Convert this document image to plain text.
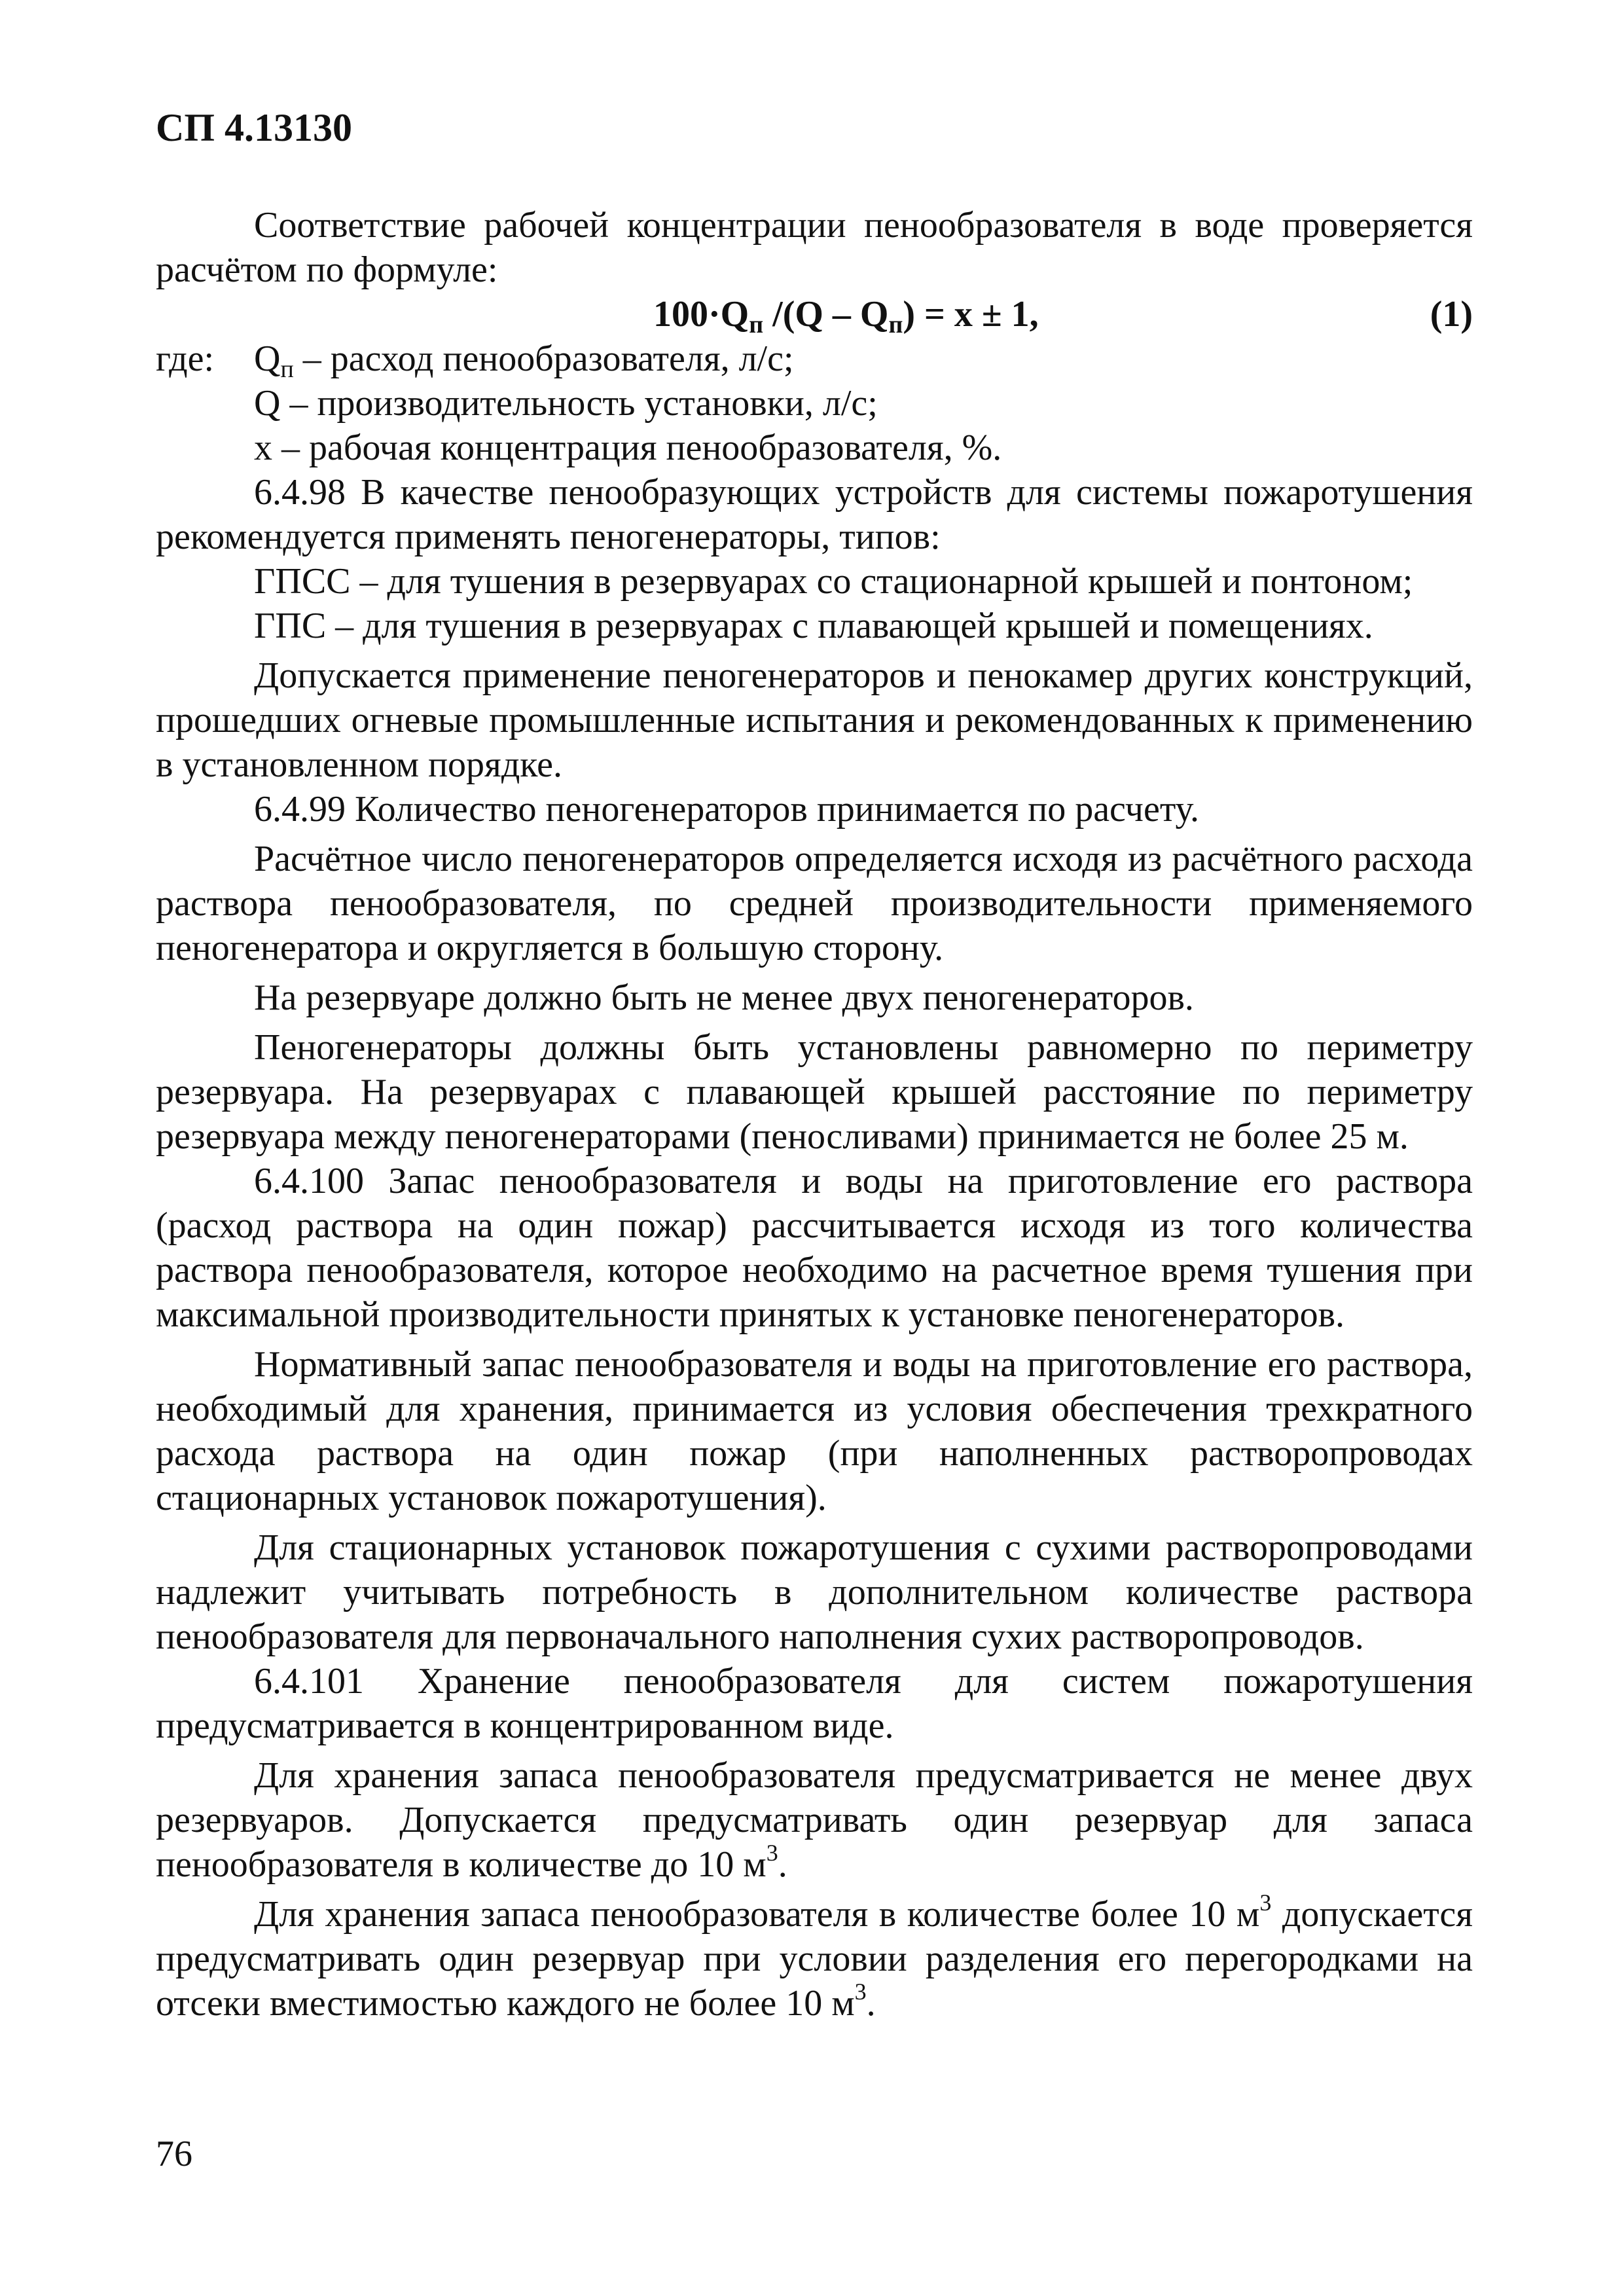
СП 4.13130

Соответствие рабочей концентрации пенообразователя в воде проверяется расчётом по формуле:

$100\cdot Q_п$ $/(Q - Q_п) = x \pm 1$,	(1)
где:	$Q_п$ – расход пенообразователя, л/с;
Q – производительность установки, л/с;
x – рабочая концентрация пенообразователя, %.

6.4.98 В качестве пенообразующих устройств для системы пожаротушения рекомендуется применять пеногенераторы, типов:

ГПСС – для тушения в резервуарах со стационарной крышей и понтоном;

ГПС – для тушения в резервуарах с плавающей крышей и помещениях.

Допускается применение пеногенераторов и пенокамер других конструкций, прошедших огневые промышленные испытания и рекомендованных к применению в установленном порядке.

6.4.99 Количество пеногенераторов принимается по расчету.

Расчётное число пеногенераторов определяется исходя из расчётного расхода раствора пенообразователя, по средней производительности применяемого пеногенератора и округляется в большую сторону.

На резервуаре должно быть не менее двух пеногенераторов.

Пеногенераторы должны быть установлены равномерно по периметру резервуара. На резервуарах с плавающей крышей расстояние по периметру резервуара между пеногенераторами (пеносливами) принимается не более 25 м.

6.4.100 Запас пенообразователя и воды на приготовление его раствора (расход раствора на один пожар) рассчитывается исходя из того количества раствора пенообразователя, которое необходимо на расчетное время тушения при максимальной производительности принятых к установке пеногенераторов.

Нормативный запас пенообразователя и воды на приготовление его раствора, необходимый для хранения, принимается из условия обеспечения трехкратного расхода раствора на один пожар (при наполненных растворопроводах стационарных установок пожаротушения).

Для стационарных установок пожаротушения с сухими растворопроводами надлежит учитывать потребность в дополнительном количестве раствора пенообразователя для первоначального наполнения сухих растворопроводов.

6.4.101 Хранение пенообразователя для систем пожаротушения предусматривается в концентрированном виде.

Для хранения запаса пенообразователя предусматривается не менее двух резервуаров. Допускается предусматривать один резервуар для запаса пенообразователя в количестве до 10 $м^3$.

Для хранения запаса пенообразователя в количестве более 10 $м^3$ допускается предусматривать один резервуар при условии разделения его перегородками на отсеки вместимостью каждого не более 10 $м^3$.

76
